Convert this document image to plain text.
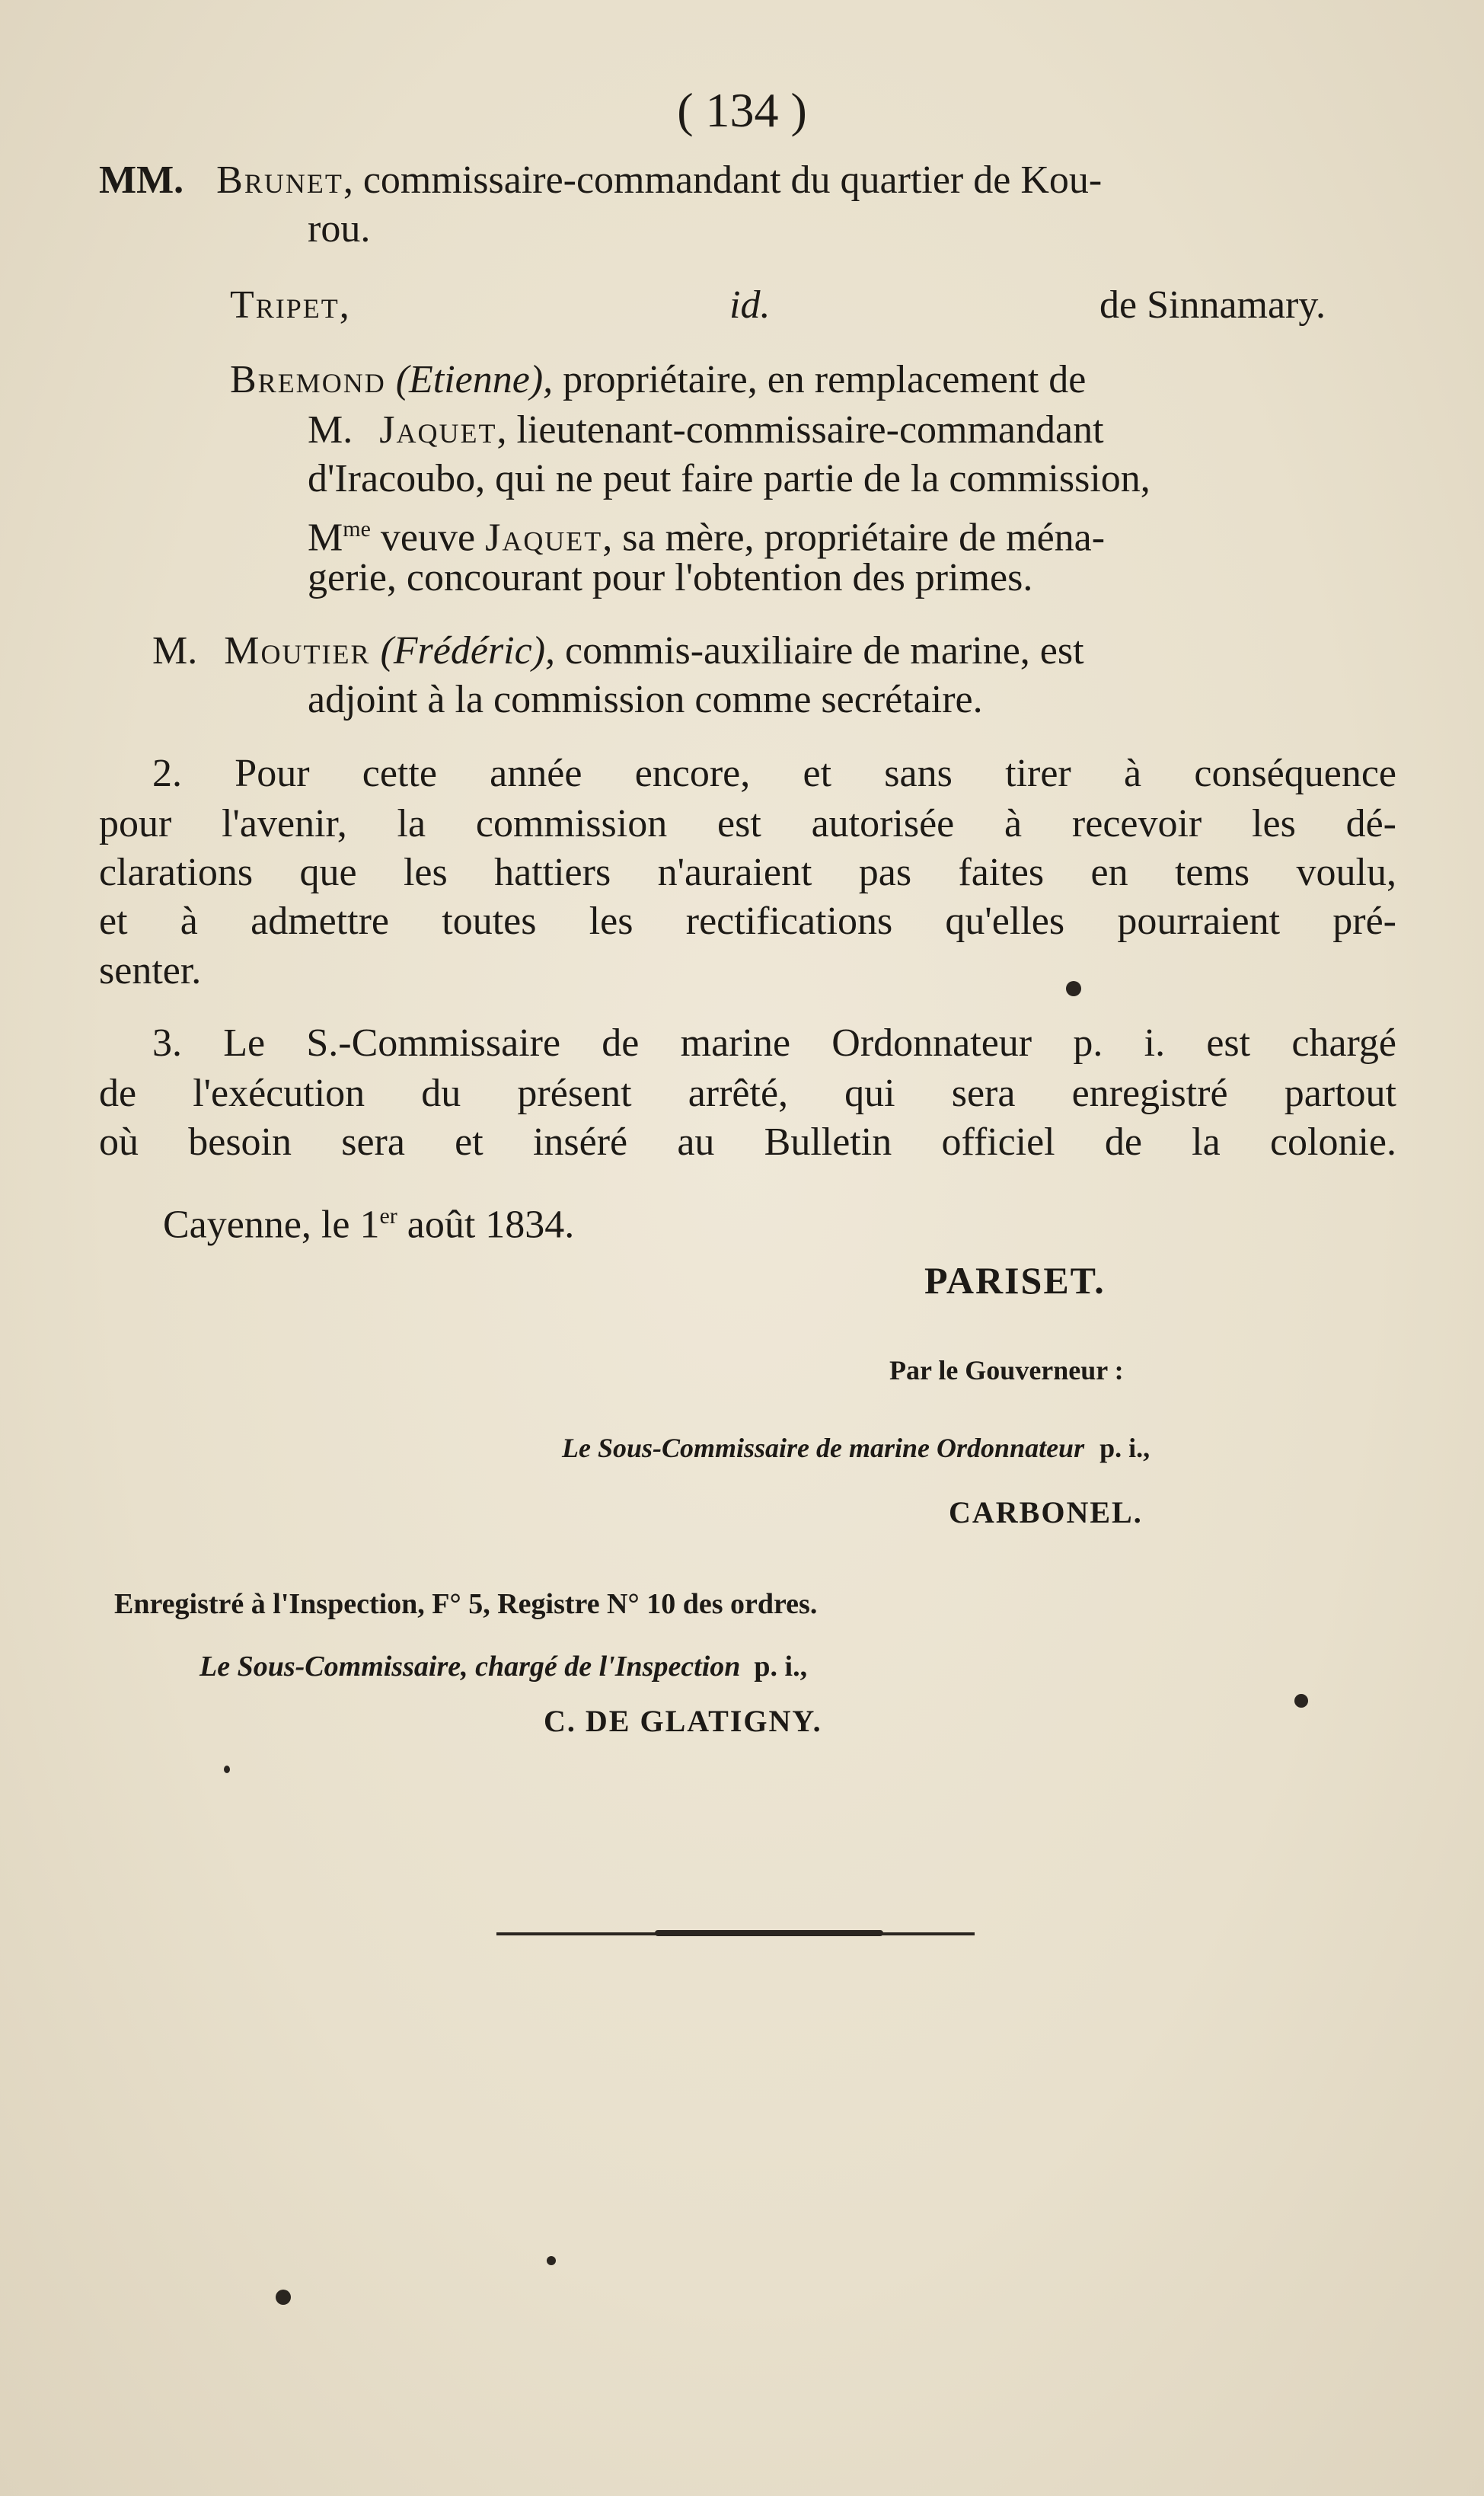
( 134 )
MM. Brunet, commissaire-commandant du quartier de Kou-
rou.
Tripet,	id.	de Sinnamary.
Bremond (Etienne), propriétaire, en remplacement de
M. Jaquet, lieutenant-commissaire-commandant
d'Iracoubo, qui ne peut faire partie de la commission,
$M^{me}$ veuve Jaquet, sa mère, propriétaire de ména-
gerie, concourant pour l'obtention des primes.
M. Moutier (Frédéric), commis-auxiliaire de marine, est
adjoint à la commission comme secrétaire.
2. Pour cette année encore, et sans tirer à conséquence
pour l'avenir, la commission est autorisée à recevoir les dé-
clarations que les hattiers n'auraient pas faites en tems voulu,
et à admettre toutes les rectifications qu'elles pourraient pré-
senter.
3. Le S.-Commissaire de marine Ordonnateur p. i. est chargé
de l'exécution du présent arrêté, qui sera enregistré partout
où besoin sera et inséré au Bulletin officiel de la colonie.
Cayenne, le 1er août 1834.
PARISET.
Par le Gouverneur :
Le Sous-Commissaire de marine Ordonnateur p. i.,
CARBONEL.
Enregistré à l'Inspection, F° 5, Registre N° 10 des ordres.
Le Sous-Commissaire, chargé de l'Inspection p. i.,
C. DE GLATIGNY.
